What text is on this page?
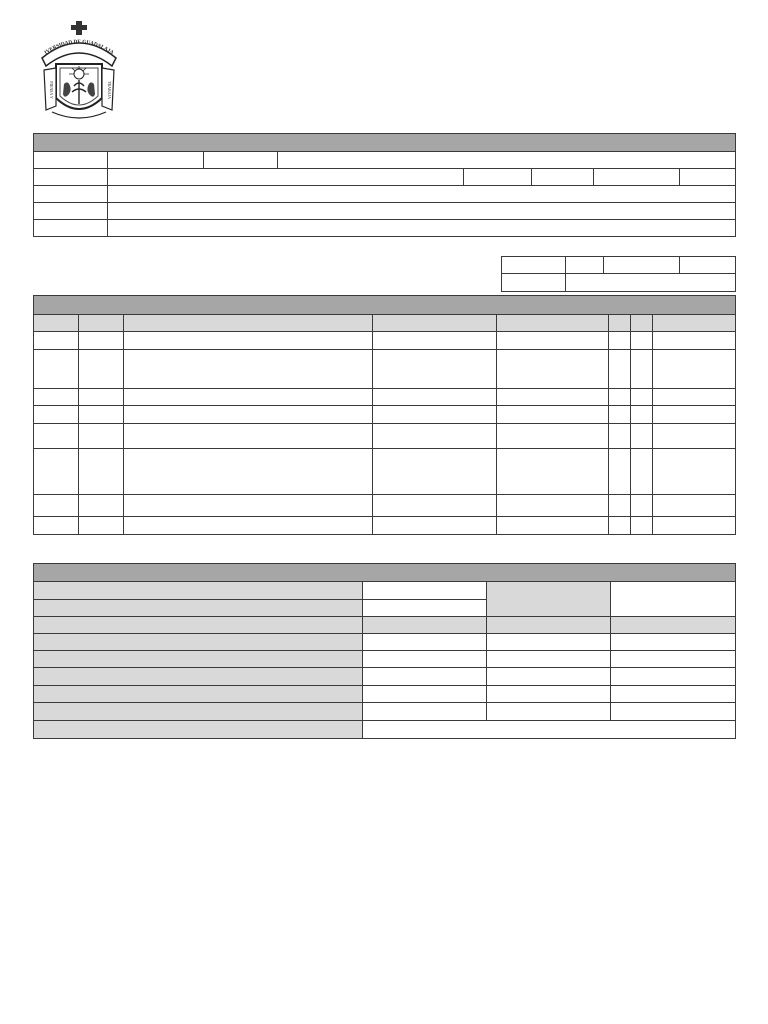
IVERSIDAD DE GUADALAJA
PIENSA Y	TRABAJA
